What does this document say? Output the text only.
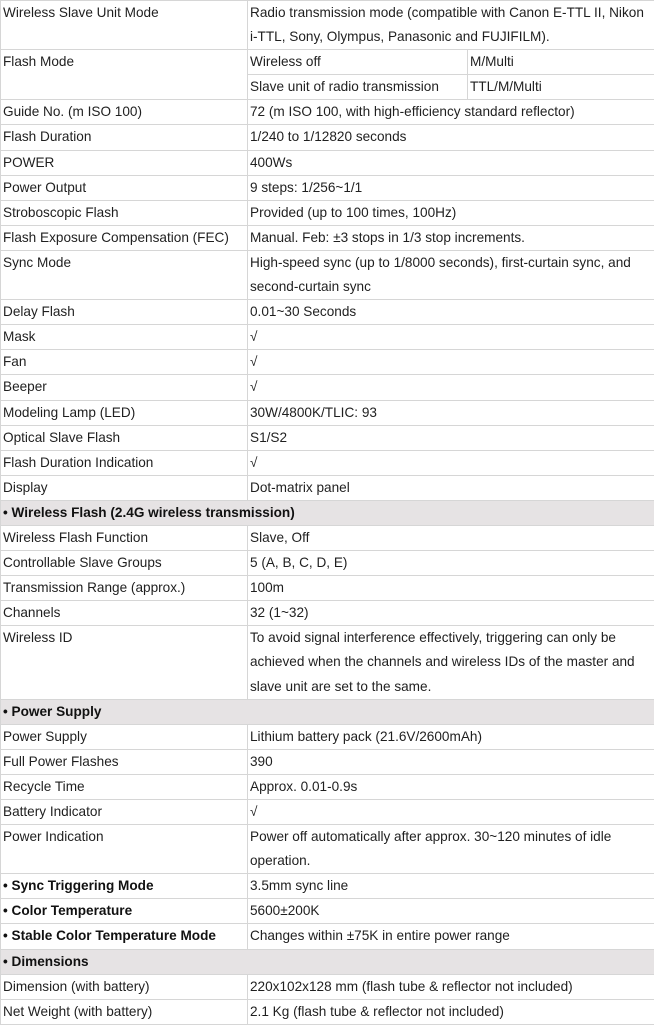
Wireless Slave Unit Mode	Radio transmission mode (compatible with Canon E-TTL II, Nikon i-TTL, Sony, Olympus, Panasonic and FUJIFILM).	
Flash Mode	Wireless off	M/Multi
	Slave unit of radio transmission	TTL/M/Multi
Guide No. (m ISO 100)	72 (m ISO 100, with high-efficiency standard reflector)	
Flash Duration	1/240 to 1/12820 seconds	
POWER	400Ws	
Power Output	9 steps: 1/256~1/1	
Stroboscopic Flash	Provided (up to 100 times, 100Hz)	
Flash Exposure Compensation (FEC)	Manual. Feb: ±3 stops in 1/3 stop increments.	
Sync Mode	High-speed sync (up to 1/8000 seconds), first-curtain sync, and second-curtain sync	
Delay Flash	0.01~30 Seconds	
Mask	√	
Fan	√	
Beeper	√	
Modeling Lamp (LED)	30W/4800K/TLIC: 93	
Optical Slave Flash	S1/S2	
Flash Duration Indication	√	
Display	Dot-matrix panel	
• Wireless Flash (2.4G wireless transmission)		
Wireless Flash Function	Slave, Off	
Controllable Slave Groups	5 (A, B, C, D, E)	
Transmission Range (approx.)	100m	
Channels	32 (1~32)	
Wireless ID	To avoid signal interference effectively, triggering can only be achieved when the channels and wireless IDs of the master and slave unit are set to the same.	
• Power Supply		
Power Supply	Lithium battery pack (21.6V/2600mAh)	
Full Power Flashes	390	
Recycle Time	Approx. 0.01-0.9s	
Battery Indicator	√	
Power Indication	Power off automatically after approx. 30~120 minutes of idle operation.	
• Sync Triggering Mode	3.5mm sync line	
• Color Temperature	5600±200K	
• Stable Color Temperature Mode	Changes within ±75K in entire power range	
• Dimensions		
Dimension (with battery)	220x102x128 mm (flash tube & reflector not included)	
Net Weight (with battery)	2.1 Kg (flash tube & reflector not included)	
